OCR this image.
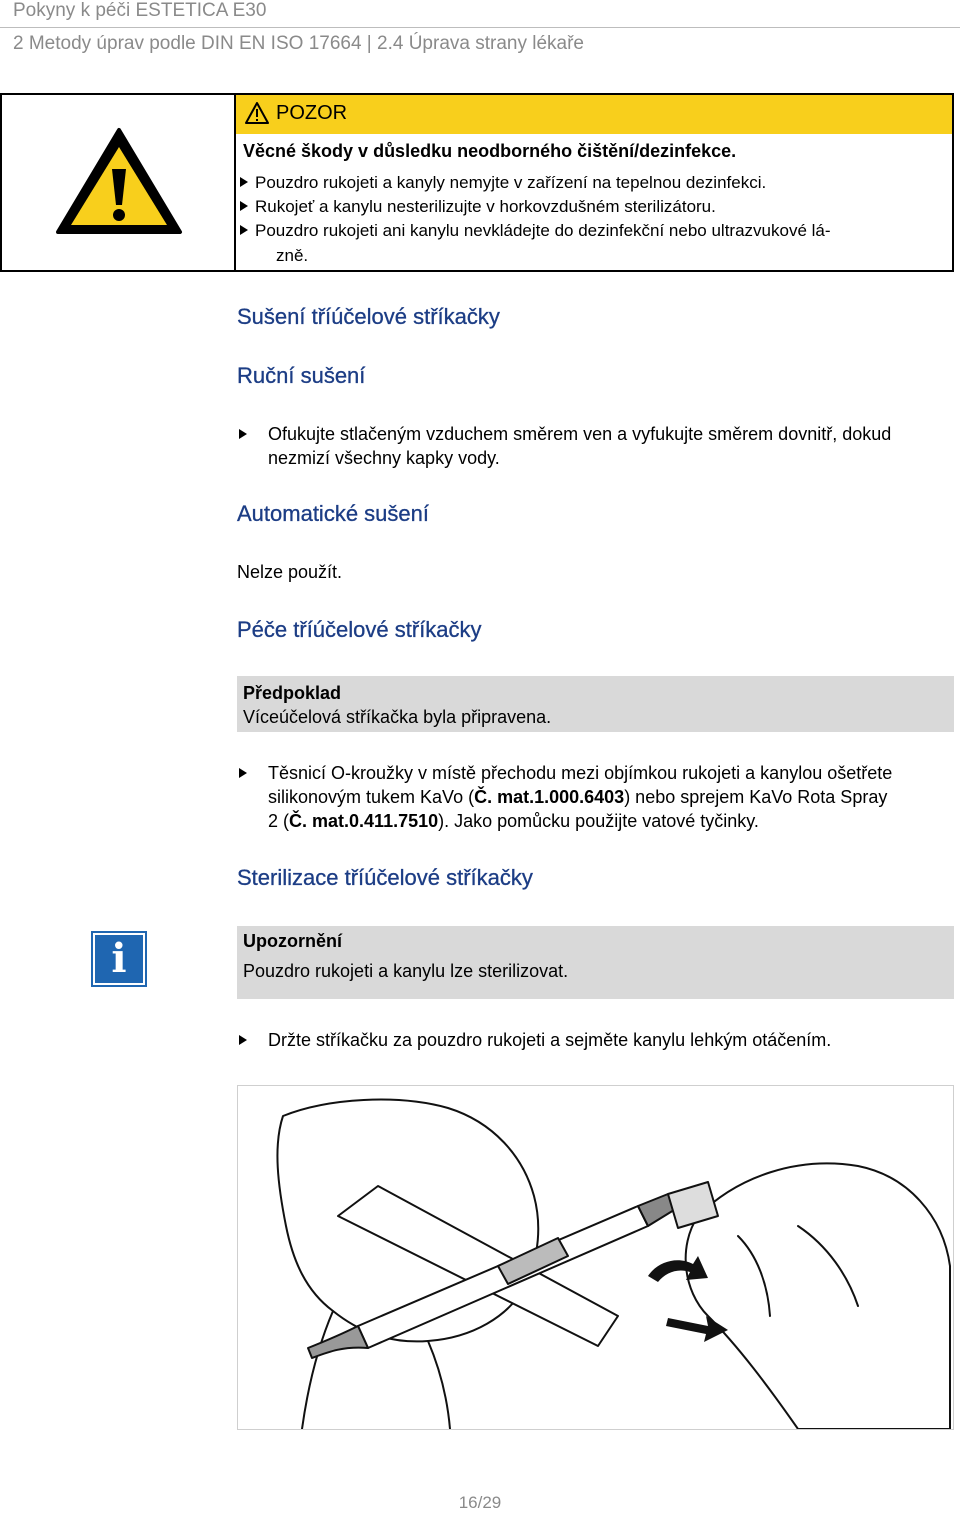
Pokyny k péči ESTETICA E30
2 Metody úprav podle DIN EN ISO 17664 | 2.4 Úprava strany lékaře
POZOR
Věcné škody v důsledku neodborného čištění/dezinfekce.
Pouzdro rukojeti a kanyly nemyjte v zařízení na tepelnou dezinfekci.
Rukojeť a kanylu nesterilizujte v horkovzdušném sterilizátoru.
Pouzdro rukojeti ani kanylu nevkládejte do dezinfekční nebo ultrazvukové lá-
zně.
Sušení tříúčelové stříkačky
Ruční sušení
Ofukujte stlačeným vzduchem směrem ven a vyfukujte směrem dovnitř, dokud
nezmizí všechny kapky vody.
Automatické sušení
Nelze použít.
Péče tříúčelové stříkačky
Předpoklad
Víceúčelová stříkačka byla připravena.
Těsnicí O-kroužky v místě přechodu mezi objímkou rukojeti a kanylou ošetřete
silikonovým tukem KaVo (Č. mat.1.000.6403) nebo sprejem KaVo Rota Spray
2 (Č. mat.0.411.7510). Jako pomůcku použijte vatové tyčinky.
Sterilizace tříúčelové stříkačky
i	Upozornění
Pouzdro rukojeti a kanylu lze sterilizovat.
Držte stříkačku za pouzdro rukojeti a sejměte kanylu lehkým otáčením.
16/29
